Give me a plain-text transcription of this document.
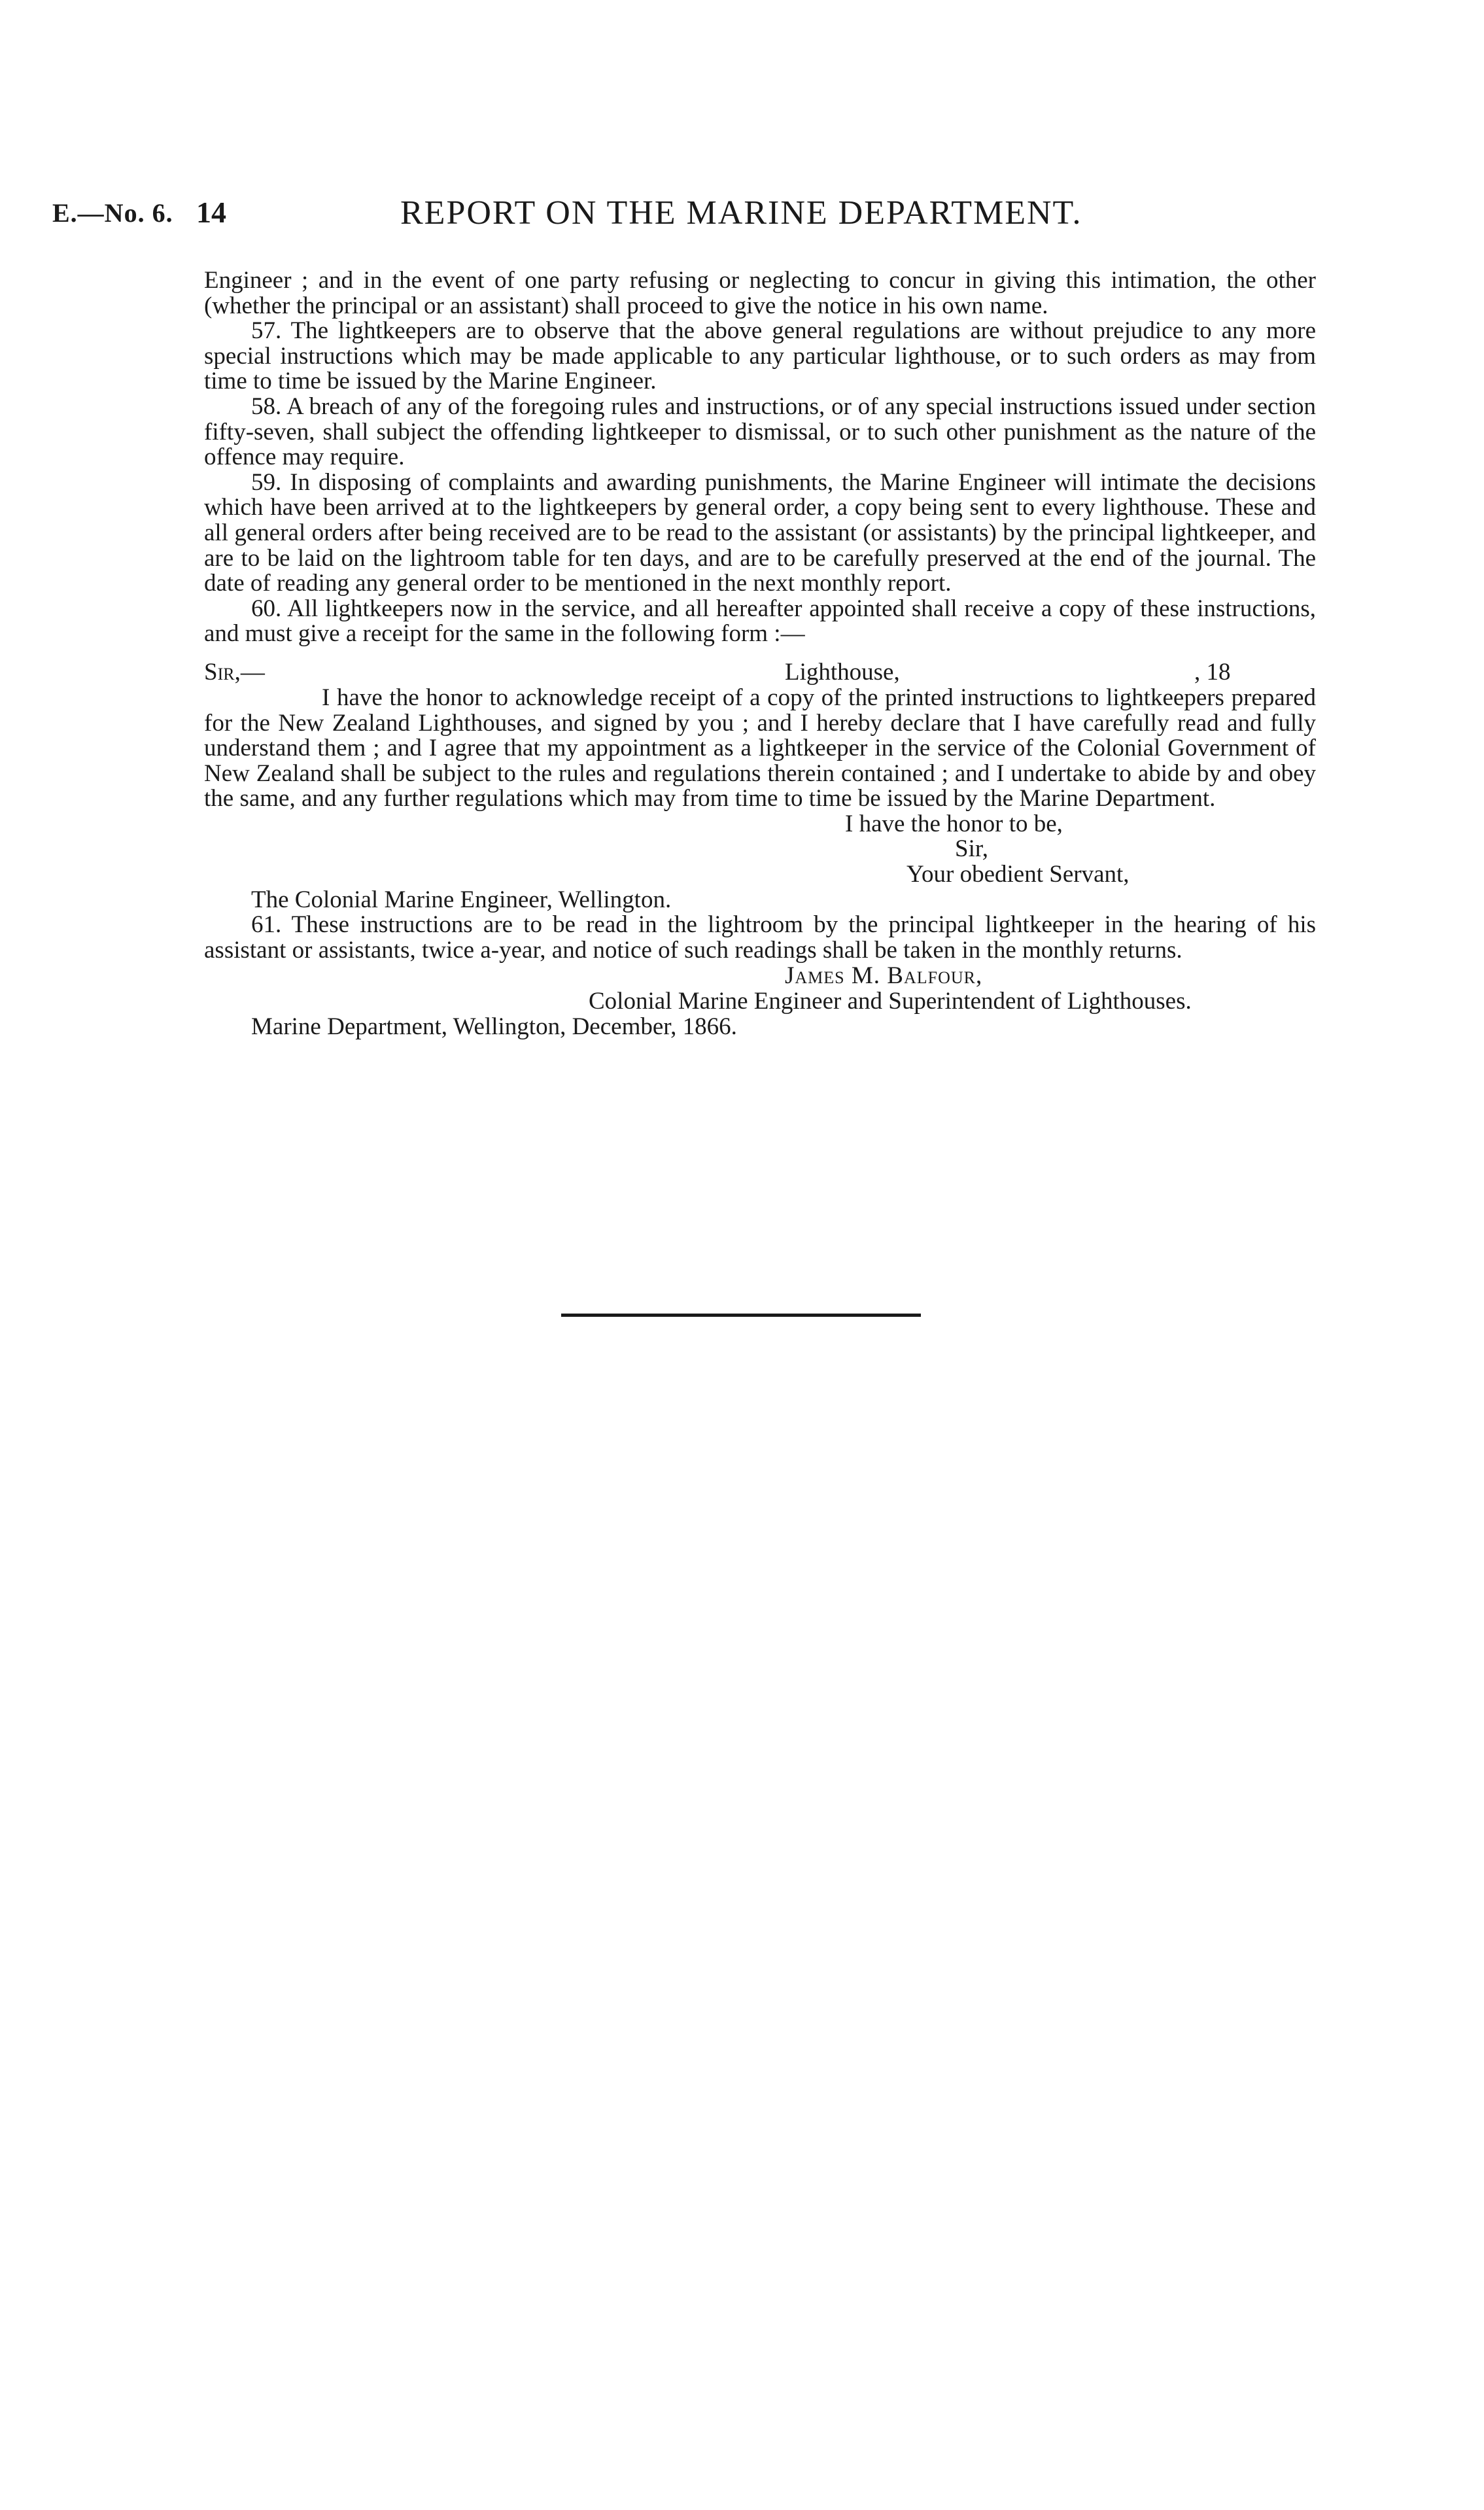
E.—No. 6. 14	REPORT ON THE MARINE DEPARTMENT.

Engineer ; and in the event of one party refusing or neglecting to concur in giving this intimation, the other (whether the principal or an assistant) shall proceed to give the notice in his own name.

57. The lightkeepers are to observe that the above general regulations are without prejudice to any more special instructions which may be made applicable to any particular lighthouse, or to such orders as may from time to time be issued by the Marine Engineer.

58. A breach of any of the foregoing rules and instructions, or of any special instructions issued under section fifty-seven, shall subject the offending lightkeeper to dismissal, or to such other punishment as the nature of the offence may require.

59. In disposing of complaints and awarding punishments, the Marine Engineer will intimate the decisions which have been arrived at to the lightkeepers by general order, a copy being sent to every lighthouse. These and all general orders after being received are to be read to the assistant (or assistants) by the principal lightkeeper, and are to be laid on the lightroom table for ten days, and are to be carefully preserved at the end of the journal. The date of reading any general order to be mentioned in the next monthly report.

60. All lightkeepers now in the service, and all hereafter appointed shall receive a copy of these instructions, and must give a receipt for the same in the following form :—

Sir,—	Lighthouse,	, 18

I have the honor to acknowledge receipt of a copy of the printed instructions to lightkeepers prepared for the New Zealand Lighthouses, and signed by you ; and I hereby declare that I have carefully read and fully understand them ; and I agree that my appointment as a lightkeeper in the service of the Colonial Government of New Zealand shall be subject to the rules and regulations therein contained ; and I undertake to abide by and obey the same, and any further regulations which may from time to time be issued by the Marine Department.

I have the honor to be,
Sir,
Your obedient Servant,

The Colonial Marine Engineer, Wellington.

61. These instructions are to be read in the lightroom by the principal lightkeeper in the hearing of his assistant or assistants, twice a-year, and notice of such readings shall be taken in the monthly returns.

James M. Balfour,
Colonial Marine Engineer and Superintendent of Lighthouses.
Marine Department, Wellington, December, 1866.
